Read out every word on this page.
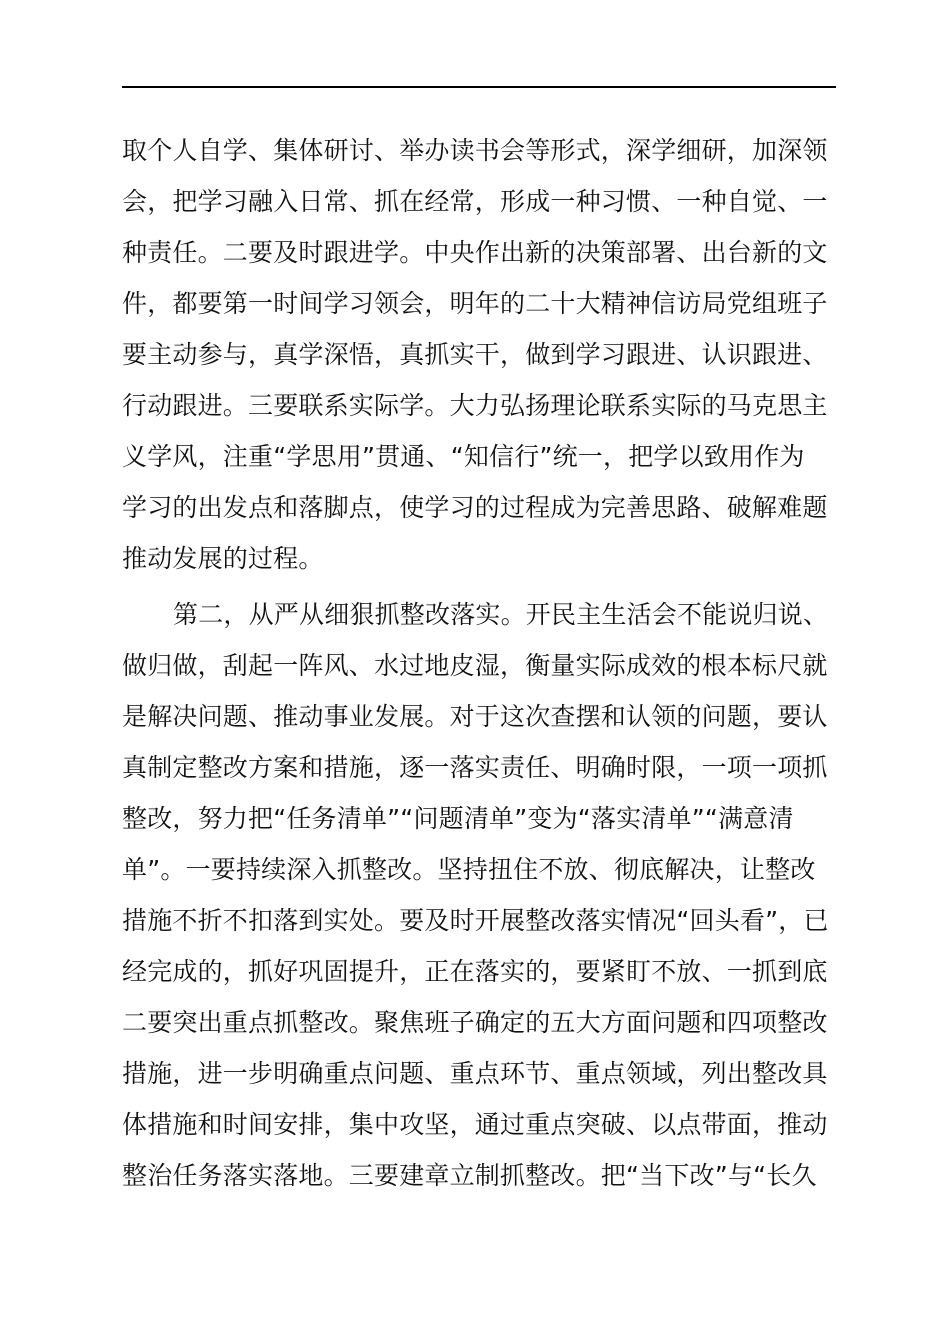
取个人自学、集体研讨、举办读书会等形式，深学细研，加深领
会，把学习融入日常、抓在经常，形成一种习惯、一种自觉、一
种责任。二要及时跟进学。中央作出新的决策部署、出台新的文
件，都要第一时间学习领会，明年的二十大精神信访局党组班子
要主动参与，真学深悟，真抓实干，做到学习跟进、认识跟进、
行动跟进。三要联系实际学。大力弘扬理论联系实际的马克思主
义学风，注重“学思用”贯通、“知信行”统一，把学以致用作为
学习的出发点和落脚点，使学习的过程成为完善思路、破解难题
推动发展的过程。
第二，从严从细狠抓整改落实。开民主生活会不能说归说、
做归做，刮起一阵风、水过地皮湿，衡量实际成效的根本标尺就
是解决问题、推动事业发展。对于这次查摆和认领的问题，要认
真制定整改方案和措施，逐一落实责任、明确时限，一项一项抓
整改，努力把“任务清单”“问题清单”变为“落实清单”“满意清
单”。一要持续深入抓整改。坚持扭住不放、彻底解决，让整改
措施不折不扣落到实处。要及时开展整改落实情况“回头看”，已
经完成的，抓好巩固提升，正在落实的，要紧盯不放、一抓到底
二要突出重点抓整改。聚焦班子确定的五大方面问题和四项整改
措施，进一步明确重点问题、重点环节、重点领域，列出整改具
体措施和时间安排，集中攻坚，通过重点突破、以点带面，推动
整治任务落实落地。三要建章立制抓整改。把“当下改”与“长久
